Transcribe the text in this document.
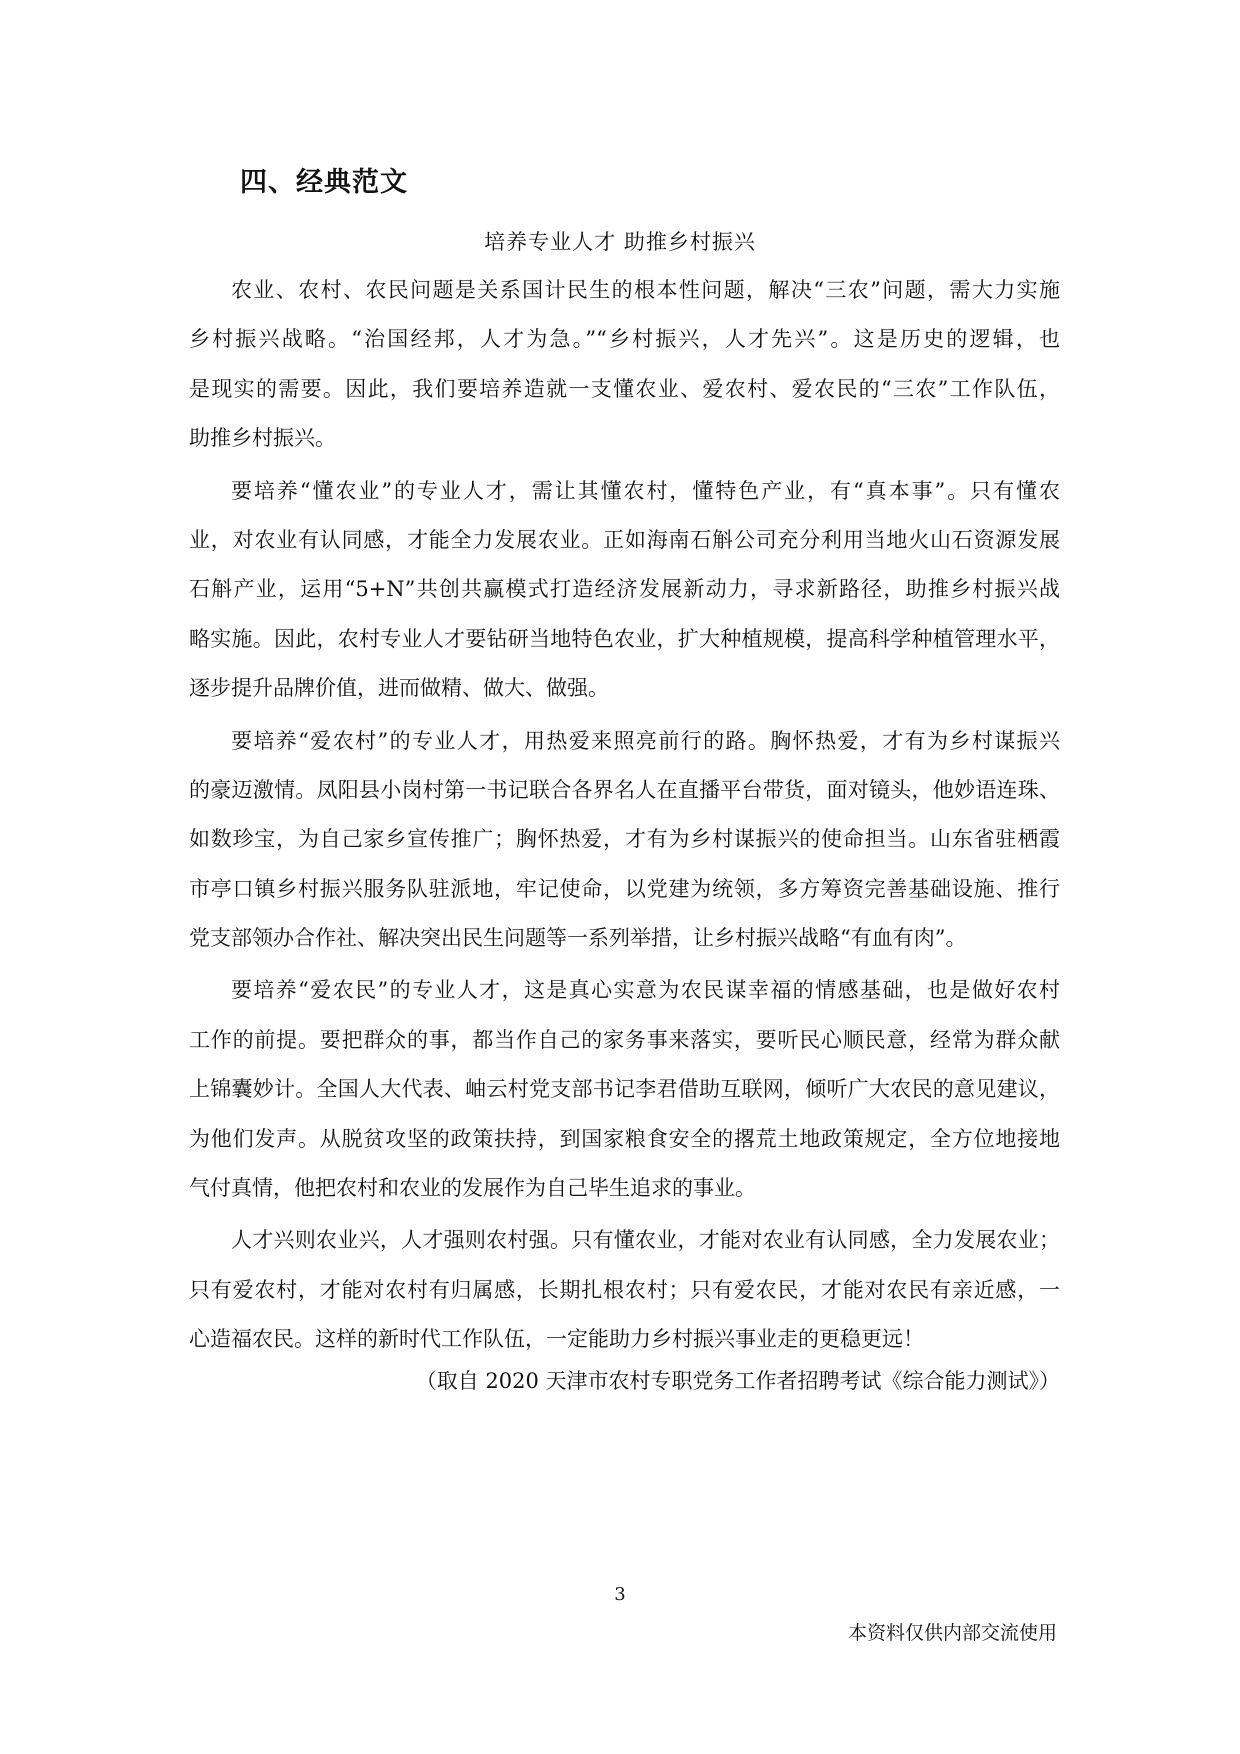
四、经典范文
培养专业人才 助推乡村振兴
农业、农村、农民问题是关系国计民生的根本性问题，解决“三农”问题，需大力实施
乡村振兴战略。“治国经邦，人才为急。”“乡村振兴，人才先兴”。这是历史的逻辑，也
是现实的需要。因此，我们要培养造就一支懂农业、爱农村、爱农民的“三农”工作队伍，
助推乡村振兴。
要培养“懂农业”的专业人才，需让其懂农村，懂特色产业，有“真本事”。只有懂农
业，对农业有认同感，才能全力发展农业。正如海南石斛公司充分利用当地火山石资源发展
石斛产业，运用“5+N”共创共赢模式打造经济发展新动力，寻求新路径，助推乡村振兴战
略实施。因此，农村专业人才要钻研当地特色农业，扩大种植规模，提高科学种植管理水平，
逐步提升品牌价值，进而做精、做大、做强。
要培养“爱农村”的专业人才，用热爱来照亮前行的路。胸怀热爱，才有为乡村谋振兴
的豪迈激情。凤阳县小岗村第一书记联合各界名人在直播平台带货，面对镜头，他妙语连珠、
如数珍宝，为自己家乡宣传推广；胸怀热爱，才有为乡村谋振兴的使命担当。山东省驻栖霞
市亭口镇乡村振兴服务队驻派地，牢记使命，以党建为统领，多方筹资完善基础设施、推行
党支部领办合作社、解决突出民生问题等一系列举措，让乡村振兴战略“有血有肉”。
要培养“爱农民”的专业人才，这是真心实意为农民谋幸福的情感基础，也是做好农村
工作的前提。要把群众的事，都当作自己的家务事来落实，要听民心顺民意，经常为群众献
上锦囊妙计。全国人大代表、岫云村党支部书记李君借助互联网，倾听广大农民的意见建议，
为他们发声。从脱贫攻坚的政策扶持，到国家粮食安全的撂荒土地政策规定，全方位地接地
气付真情，他把农村和农业的发展作为自己毕生追求的事业。
人才兴则农业兴，人才强则农村强。只有懂农业，才能对农业有认同感，全力发展农业；
只有爱农村，才能对农村有归属感，长期扎根农村；只有爱农民，才能对农民有亲近感，一
心造福农民。这样的新时代工作队伍，一定能助力乡村振兴事业走的更稳更远！
（取自 2020 天津市农村专职党务工作者招聘考试《综合能力测试》）
3
本资料仅供内部交流使用
